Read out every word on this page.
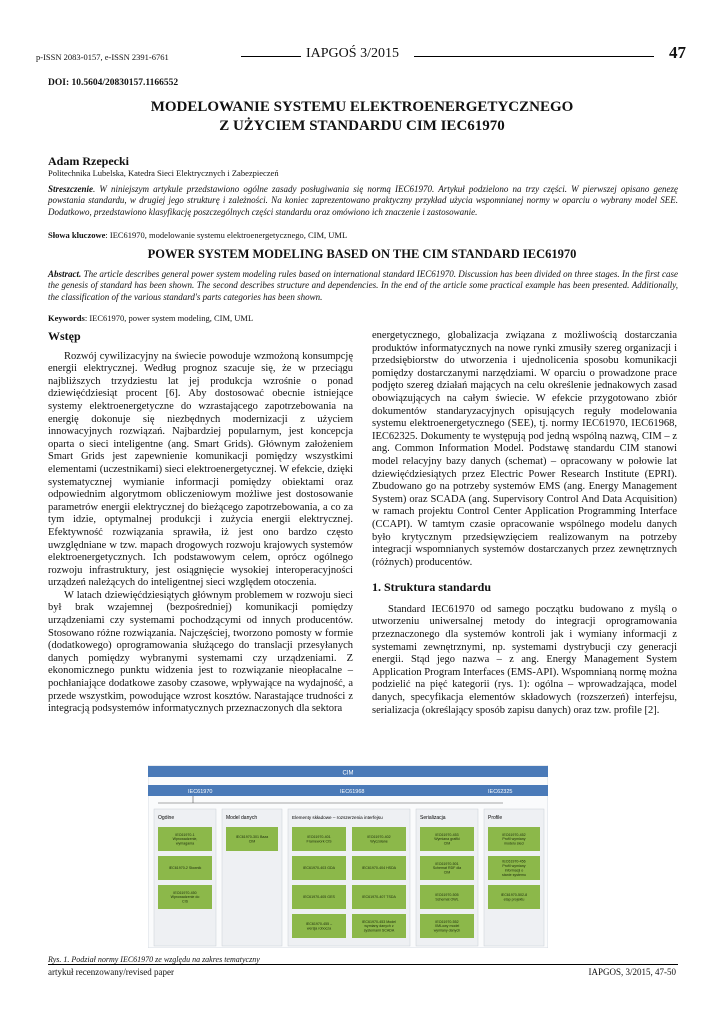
p-ISSN 2083-0157, e-ISSN 2391-6761	IAPGOŚ 3/2015	47
DOI: 10.5604/20830157.1166552
MODELOWANIE SYSTEMU ELEKTROENERGETYCZNEGO
Z UŻYCIEM STANDARDU CIM IEC61970
Adam Rzepecki
Politechnika Lubelska, Katedra Sieci Elektrycznych i Zabezpieczeń
Streszczenie. W niniejszym artykule przedstawiono ogólne zasady posługiwania się normą IEC61970. Artykuł podzielono na trzy części. W pierwszej opisano genezę powstania standardu, w drugiej jego strukturę i zależności. Na koniec zaprezentowano praktyczny przykład użycia wspomnianej normy w oparciu o wybrany model SEE. Dodatkowo, przedstawiono klasyfikację poszczególnych części standardu oraz omówiono ich znaczenie i zastosowanie.
Słowa kluczowe: IEC61970, modelowanie systemu elektroenergetycznego, CIM, UML
POWER SYSTEM MODELING BASED ON THE CIM STANDARD IEC61970
Abstract. The article describes general power system modeling rules based on international standard IEC61970. Discussion has been divided on three stages. In the first case the genesis of standard has been shown. The second describes structure and dependencies. In the end of the article some practical example has been presented. Additionally, the classification of the various standard's parts categories has been shown.
Keywords: IEC61970, power system modeling, CIM, UML
Wstęp

Rozwój cywilizacyjny na świecie powoduje wzmożoną konsumpcję energii elektrycznej. Według prognoz szacuje się, że w przeciągu najbliższych trzydziestu lat jej produkcja wzrośnie o ponad dziewięćdziesiąt procent [6]. Aby dostosować obecnie istniejące systemy elektroenergetyczne do wzrastającego zapotrzebowania na energię dokonuje się niezbędnych modernizacji z użyciem innowacyjnych rozwiązań. Najbardziej popularnym, jest koncepcja oparta o sieci inteligentne (ang. Smart Grids). Głównym założeniem Smart Grids jest zapewnienie komunikacji pomiędzy wszystkimi elementami (uczestnikami) sieci elektroenergetycznej. W efekcie, dzięki systematycznej wymianie informacji pomiędzy obiektami oraz odpowiednim algorytmom obliczeniowym możliwe jest dostosowanie parametrów energii elektrycznej do bieżącego zapotrzebowania, a co za tym idzie, optymalnej produkcji i zużycia energii elektrycznej. Efektywność rozwiązania sprawiła, iż jest ono bardzo często uwzględniane w tzw. mapach drogowych rozwoju krajowych systemów elektroenergetycznych. Ich podstawowym celem, oprócz ogólnego rozwoju infrastruktury, jest osiągnięcie wysokiej interoperacyjności urządzeń należących do inteligentnej sieci względem otoczenia.

W latach dziewięćdziesiątych głównym problemem w rozwoju sieci był brak wzajemnej (bezpośredniej) komunikacji pomiędzy urządzeniami czy systemami pochodzącymi od innych producentów. Stosowano różne rozwiązania. Najczęściej, tworzono pomosty w formie (dodatkowego) oprogramowania służącego do translacji przesyłanych danych pomiędzy wybranymi systemami czy urządzeniami. Z ekonomicznego punktu widzenia jest to rozwiązanie nieopłacalne – pochłaniające dodatkowe zasoby czasowe, wpływające na wydajność, a przede wszystkim, powodujące wzrost kosztów. Narastające trudności z integracją podsystemów informatycznych przeznaczonych dla sektora

energetycznego, globalizacja związana z możliwością dostarczania produktów informatycznych na nowe rynki zmusiły szereg organizacji i przedsiębiorstw do utworzenia i ujednolicenia sposobu komunikacji pomiędzy dostarczanymi narzędziami. W oparciu o prowadzone prace podjęto szereg działań mających na celu określenie jednakowych zasad obowiązujących na całym świecie. W efekcie przygotowano zbiór dokumentów standaryzacyjnych opisujących reguły modelowania systemu elektroenergetycznego (SEE), tj. normy IEC61970, IEC61968, IEC62325. Dokumenty te występują pod jedną wspólną nazwą, CIM – z ang. Common Information Model. Podstawę standardu CIM stanowi model relacyjny bazy danych (schemat) – opracowany w połowie lat dziewięćdziesiątych przez Electric Power Research Institute (EPRI). Zbudowano go na potrzeby systemów EMS (ang. Energy Management System) oraz SCADA (ang. Supervisory Control And Data Acquisition) w ramach projektu Control Center Application Programming Interface (CCAPI). W tamtym czasie opracowanie wspólnego modelu danych było krytycznym przedsięwzięciem realizowanym na potrzeby integracji wspomnianych systemów dostarczanych przez zewnętrznych (różnych) producentów.

1. Struktura standardu

Standard IEC61970 od samego początku budowano z myślą o utworzeniu uniwersalnej metody do integracji oprogramowania przeznaczonego dla systemów kontroli jak i wymiany informacji z systemami zewnętrznymi, np. systemami dystrybucji czy generacji energii. Stąd jego nazwa – z ang. Energy Management System Application Program Interfaces (EMS-API). Wspomnianą normę można podzielić na pięć kategorii (rys. 1): ogólna – wprowadzająca, model danych, specyfikacja elementów składowych (rozszerzeń) interfejsu, serializacja (określający sposób zapisu danych) oraz tzw. profile [2].

CIM
IEC61970	IEC61968	IEC62325
Ogólne	Model danych	Elementy składowe – rozszerzenia interfejsu	Serializacja	Profile
IEC61970-1 Wprowadzenie, wymagania
IEC61970-2 Słownik
IEC61970-450 Wprowadzenie do CIS
IEC61970-301 Baza CIM
IEC61970-401 Framework CIS
IEC61970-403 GDA
IEC61970-405 GES
IEC61970-455 – wersja robocza
IEC61970-402 Wyczółane
IEC61970-404 HSDA
IEC61970-407 TSDA
IEC61970-453 Model wymiany danych z systemami SCADA
IEC61970-453 Wymiana grafiki CIM
IEC61970-501 Schemat RDF dla CIM
IEC61970-505 Schemat OWL
IEC61970-552 XMLowy model wymiany danych
IEC61970-452 Profil wymiany modelu sieci
IEC61970-456 Profil wymiany informacji o stanie systemu
IEC61970-502-8 etap projektu
Rys. 1. Podział normy IEC61970 ze względu na zakres tematyczny
artykuł recenzowany/revised paper	IAPGOS, 3/2015, 47-50
